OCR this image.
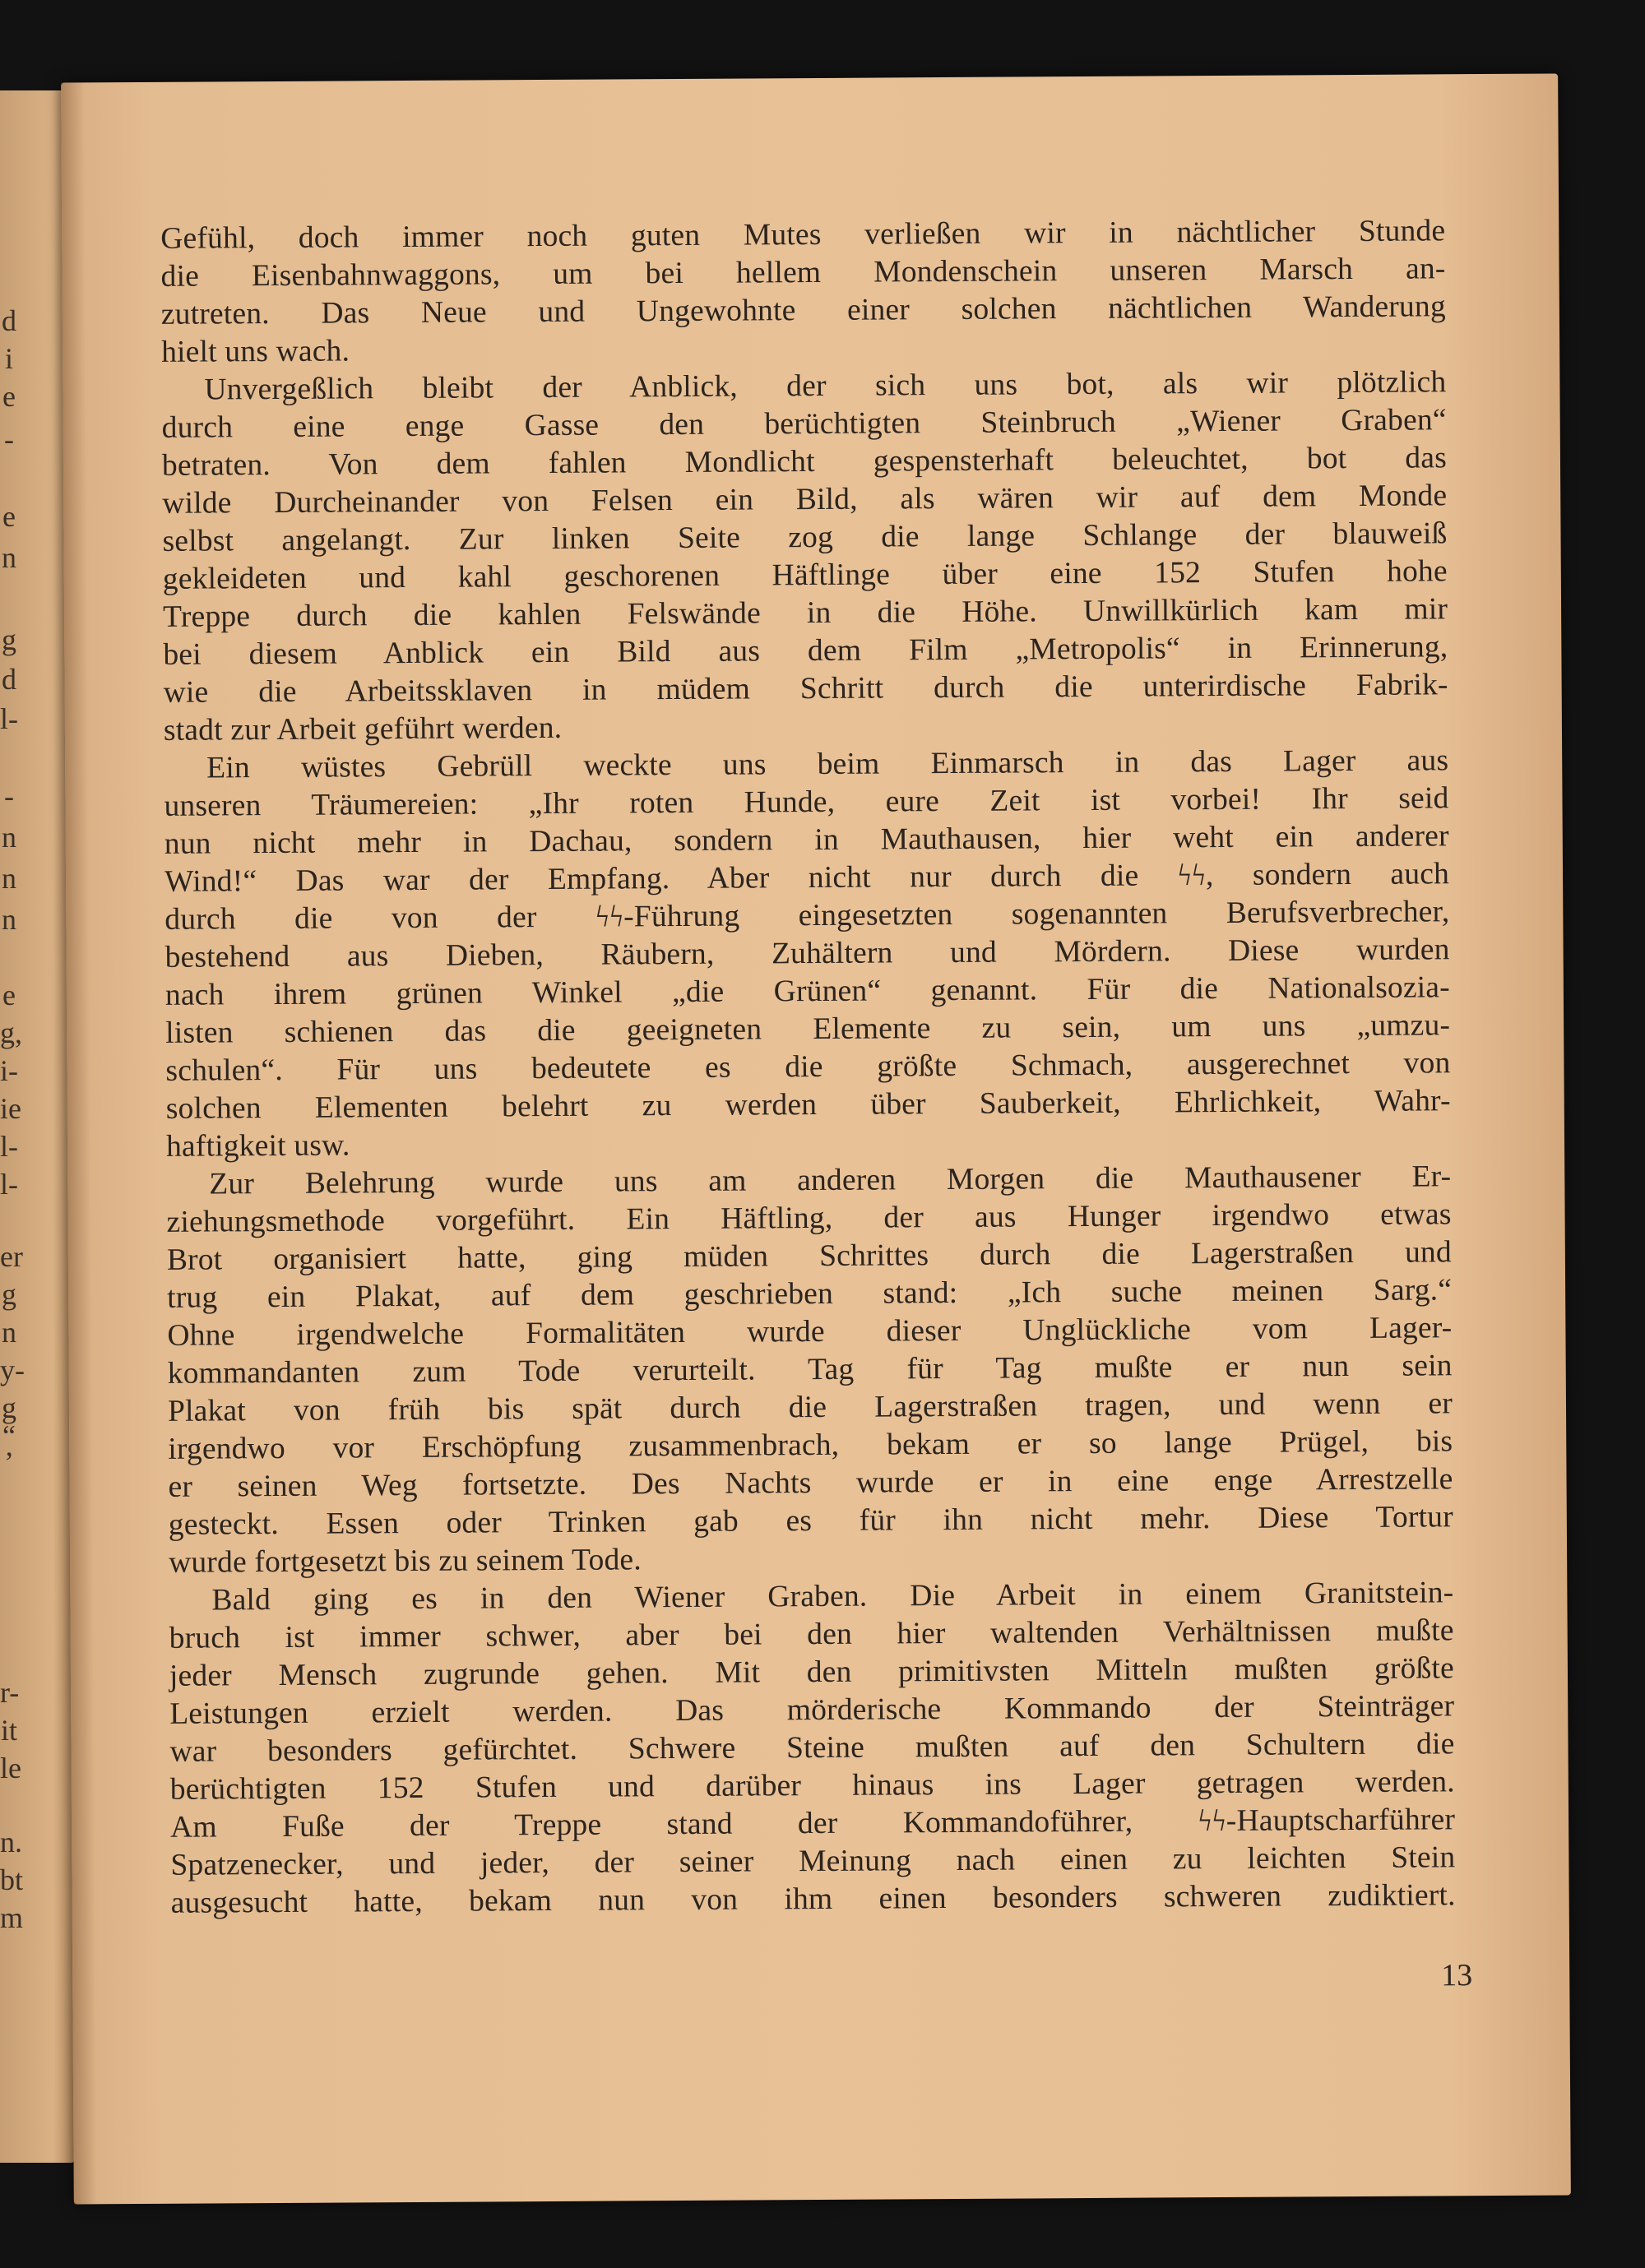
d
i
e
-
e
n
g
d
l-
-
n
n
n
e
g,
i-
ie
l-
l-
er
g
n
y-
g
“
’
r-
it
le
n.
bt
m
Gefühl, doch immer noch guten Mutes verließen wir in nächtlicher Stunde
die Eisenbahnwaggons, um bei hellem Mondenschein unseren Marsch an-
zutreten. Das Neue und Ungewohnte einer solchen nächtlichen Wanderung
hielt uns wach.
Unvergeßlich bleibt der Anblick, der sich uns bot, als wir plötzlich
durch eine enge Gasse den berüchtigten Steinbruch „Wiener Graben“
betraten. Von dem fahlen Mondlicht gespensterhaft beleuchtet, bot das
wilde Durcheinander von Felsen ein Bild, als wären wir auf dem Monde
selbst angelangt. Zur linken Seite zog die lange Schlange der blauweiß
gekleideten und kahl geschorenen Häftlinge über eine 152 Stufen hohe
Treppe durch die kahlen Felswände in die Höhe. Unwillkürlich kam mir
bei diesem Anblick ein Bild aus dem Film „Metropolis“ in Erinnerung,
wie die Arbeitssklaven in müdem Schritt durch die unterirdische Fabrik-
stadt zur Arbeit geführt werden.
Ein wüstes Gebrüll weckte uns beim Einmarsch in das Lager aus
unseren Träumereien: „Ihr roten Hunde, eure Zeit ist vorbei! Ihr seid
nun nicht mehr in Dachau, sondern in Mauthausen, hier weht ein anderer
Wind!“ Das war der Empfang. Aber nicht nur durch die ϟϟ, sondern auch
durch die von der ϟϟ-Führung eingesetzten sogenannten Berufsverbrecher,
bestehend aus Dieben, Räubern, Zuhältern und Mördern. Diese wurden
nach ihrem grünen Winkel „die Grünen“ genannt. Für die Nationalsozia-
listen schienen das die geeigneten Elemente zu sein, um uns „umzu-
schulen“. Für uns bedeutete es die größte Schmach, ausgerechnet von
solchen Elementen belehrt zu werden über Sauberkeit, Ehrlichkeit, Wahr-
haftigkeit usw.
Zur Belehrung wurde uns am anderen Morgen die Mauthausener Er-
ziehungsmethode vorgeführt. Ein Häftling, der aus Hunger irgendwo etwas
Brot organisiert hatte, ging müden Schrittes durch die Lagerstraßen und
trug ein Plakat, auf dem geschrieben stand: „Ich suche meinen Sarg.“
Ohne irgendwelche Formalitäten wurde dieser Unglückliche vom Lager-
kommandanten zum Tode verurteilt. Tag für Tag mußte er nun sein
Plakat von früh bis spät durch die Lagerstraßen tragen, und wenn er
irgendwo vor Erschöpfung zusammenbrach, bekam er so lange Prügel, bis
er seinen Weg fortsetzte. Des Nachts wurde er in eine enge Arrestzelle
gesteckt. Essen oder Trinken gab es für ihn nicht mehr. Diese Tortur
wurde fortgesetzt bis zu seinem Tode.
Bald ging es in den Wiener Graben. Die Arbeit in einem Granitstein-
bruch ist immer schwer, aber bei den hier waltenden Verhältnissen mußte
jeder Mensch zugrunde gehen. Mit den primitivsten Mitteln mußten größte
Leistungen erzielt werden. Das mörderische Kommando der Steinträger
war besonders gefürchtet. Schwere Steine mußten auf den Schultern die
berüchtigten 152 Stufen und darüber hinaus ins Lager getragen werden.
Am Fuße der Treppe stand der Kommandoführer, ϟϟ-Hauptscharführer
Spatzenecker, und jeder, der seiner Meinung nach einen zu leichten Stein
ausgesucht hatte, bekam nun von ihm einen besonders schweren zudiktiert.
13
